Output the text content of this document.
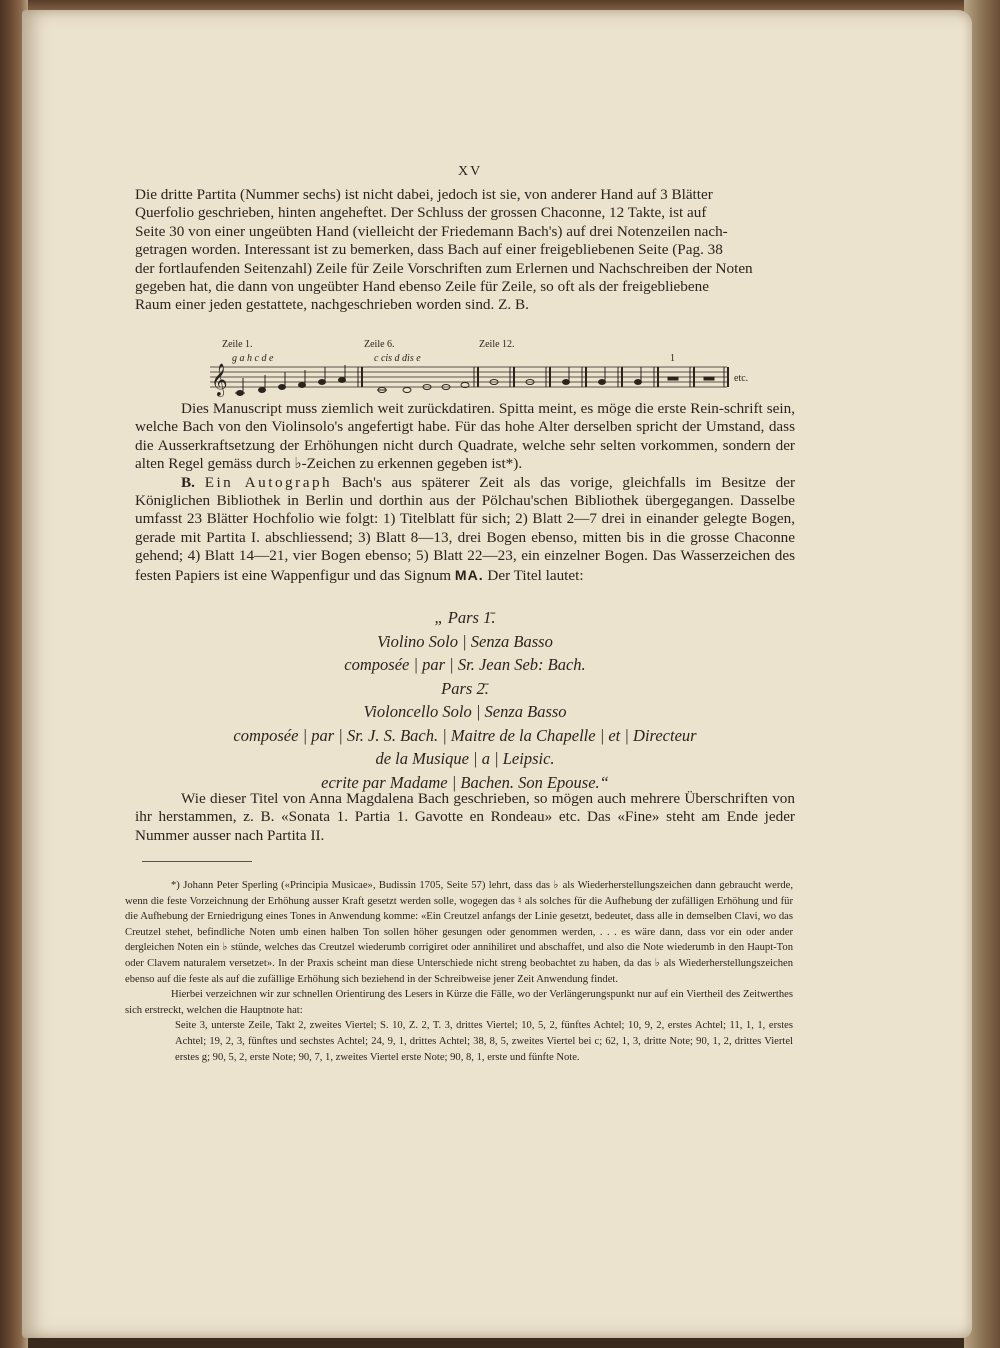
XV
Die dritte Partita (Nummer sechs) ist nicht dabei, jedoch ist sie, von anderer Hand auf 3 Blätter
Querfolio geschrieben, hinten angeheftet. Der Schluss der grossen Chaconne, 12 Takte, ist auf
Seite 30 von einer ungeübten Hand (vielleicht der Friedemann Bach's) auf drei Notenzeilen nach-
getragen worden. Interessant ist zu bemerken, dass Bach auf einer freigebliebenen Seite (Pag. 38
der fortlaufenden Seitenzahl) Zeile für Zeile Vorschriften zum Erlernen und Nachschreiben der Noten
gegeben hat, die dann von ungeübter Hand ebenso Zeile für Zeile, so oft als der freigebliebene
Raum einer jeden gestattete, nachgeschrieben worden sind. Z. B.
Zeile 1.	Zeile 6.	Zeile 12.
g a h c d e	c cis d dis e	1
𝄞	etc.

Dies Manuscript muss ziemlich weit zurückdatiren. Spitta meint, es möge die erste Rein-schrift sein, welche Bach von den Violinsolo's angefertigt habe. Für das hohe Alter derselben spricht der Umstand, dass die Ausserkraftsetzung der Erhöhungen nicht durch Quadrate, welche sehr selten vorkommen, sondern der alten Regel gemäss durch ♭-Zeichen zu erkennen gegeben ist*).

B. Ein Autograph Bach's aus späterer Zeit als das vorige, gleichfalls im Besitze der Königlichen Bibliothek in Berlin und dorthin aus der Pölchau'schen Bibliothek übergegangen. Dasselbe umfasst 23 Blätter Hochfolio wie folgt: 1) Titelblatt für sich; 2) Blatt 2—7 drei in einander gelegte Bogen, gerade mit Partita I. abschliessend; 3) Blatt 8—13, drei Bogen ebenso, mitten bis in die grosse Chaconne gehend; 4) Blatt 14—21, vier Bogen ebenso; 5) Blatt 22—23, ein einzelner Bogen. Das Wasserzeichen des festen Papiers ist eine Wappenfigur und das Signum MA. Der Titel lautet:

„ Pars 1̄.
Violino Solo | Senza Basso
composée | par | Sr. Jean Seb: Bach.
Pars 2̄.
Violoncello Solo | Senza Basso
composée | par | Sr. J. S. Bach. | Maitre de la Chapelle | et | Directeur
de la Musique | a | Leipsic.
ecrite par Madame | Bachen. Son Epouse.“

Wie dieser Titel von Anna Magdalena Bach geschrieben, so mögen auch mehrere Überschriften von ihr herstammen, z. B. «Sonata 1. Partia 1. Gavotte en Rondeau» etc. Das «Fine» steht am Ende jeder Nummer ausser nach Partita II.

*) Johann Peter Sperling («Principia Musicae», Budissin 1705, Seite 57) lehrt, dass das ♭ als Wiederherstellungszeichen dann gebraucht werde, wenn die feste Vorzeichnung der Erhöhung ausser Kraft gesetzt werden solle, wogegen das ♮ als solches für die Aufhebung der zufälligen Erhöhung und für die Aufhebung der Erniedrigung eines Tones in Anwendung komme: «Ein Creutzel anfangs der Linie gesetzt, bedeutet, dass alle in demselben Clavi, wo das Creutzel stehet, befindliche Noten umb einen halben Ton sollen höher gesungen oder genommen werden, . . . es wäre dann, dass vor ein oder ander dergleichen Noten ein ♭ stünde, welches das Creutzel wiederumb corrigiret oder annihiliret und abschaffet, und also die Note wiederumb in den Haupt-Ton oder Clavem naturalem versetzet». In der Praxis scheint man diese Unterschiede nicht streng beobachtet zu haben, da das ♭ als Wiederherstellungszeichen ebenso auf die feste als auf die zufällige Erhöhung sich beziehend in der Schreibweise jener Zeit Anwendung findet.

Hierbei verzeichnen wir zur schnellen Orientirung des Lesers in Kürze die Fälle, wo der Verlängerungspunkt nur auf ein Viertheil des Zeitwerthes sich erstreckt, welchen die Hauptnote hat:

Seite 3, unterste Zeile, Takt 2, zweites Viertel; S. 10, Z. 2, T. 3, drittes Viertel; 10, 5, 2, fünftes Achtel; 10, 9, 2, erstes Achtel; 11, 1, 1, erstes Achtel; 19, 2, 3, fünftes und sechstes Achtel; 24, 9, 1, drittes Achtel; 38, 8, 5, zweites Viertel bei c; 62, 1, 3, dritte Note; 90, 1, 2, drittes Viertel erstes g; 90, 5, 2, erste Note; 90, 7, 1, zweites Viertel erste Note; 90, 8, 1, erste und fünfte Note.
